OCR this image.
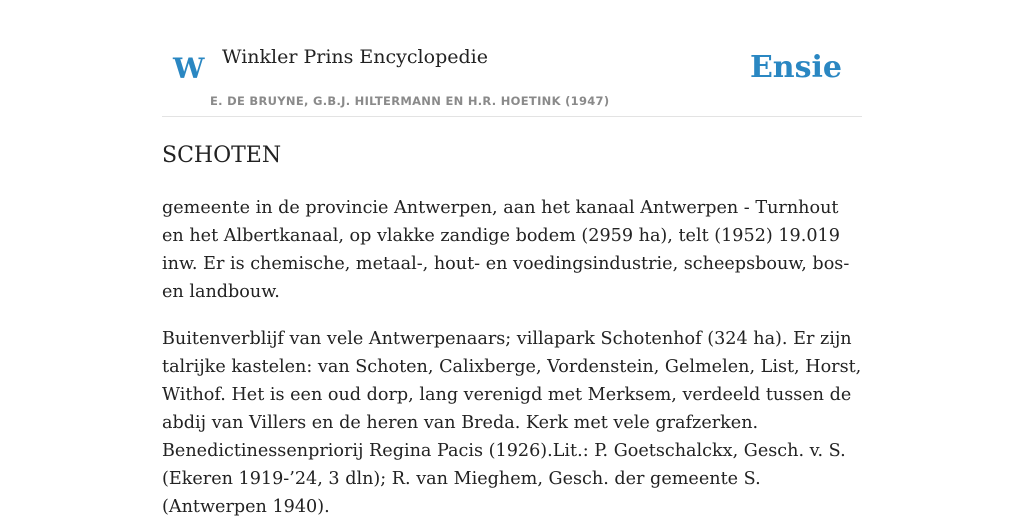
W Winkler Prins Encyclopedie
E. DE BRUYNE, G.B.J. HILTERMANN EN H.R. HOETINK (1947)
Ensie
SCHOTEN

gemeente in de provincie Antwerpen, aan het kanaal Antwerpen - Turnhout en het Albertkanaal, op vlakke zandige bodem (2959 ha), telt (1952) 19.019 inw. Er is chemische, metaal-, hout- en voedingsindustrie, scheepsbouw, bos- en landbouw.

Buitenverblijf van vele Antwerpenaars; villapark Schotenhof (324 ha). Er zijn talrijke kastelen: van Schoten, Calixberge, Vordenstein, Gelmelen, List, Horst, Withof. Het is een oud dorp, lang verenigd met Merksem, verdeeld tussen de abdij van Villers en de heren van Breda. Kerk met vele grafzerken. Benedictinessenpriorij Regina Pacis (1926).Lit.: P. Goetschalckx, Gesch. v. S. (Ekeren 1919-’24, 3 dln); R. van Mieghem, Gesch. der gemeente S. (Antwerpen 1940).
